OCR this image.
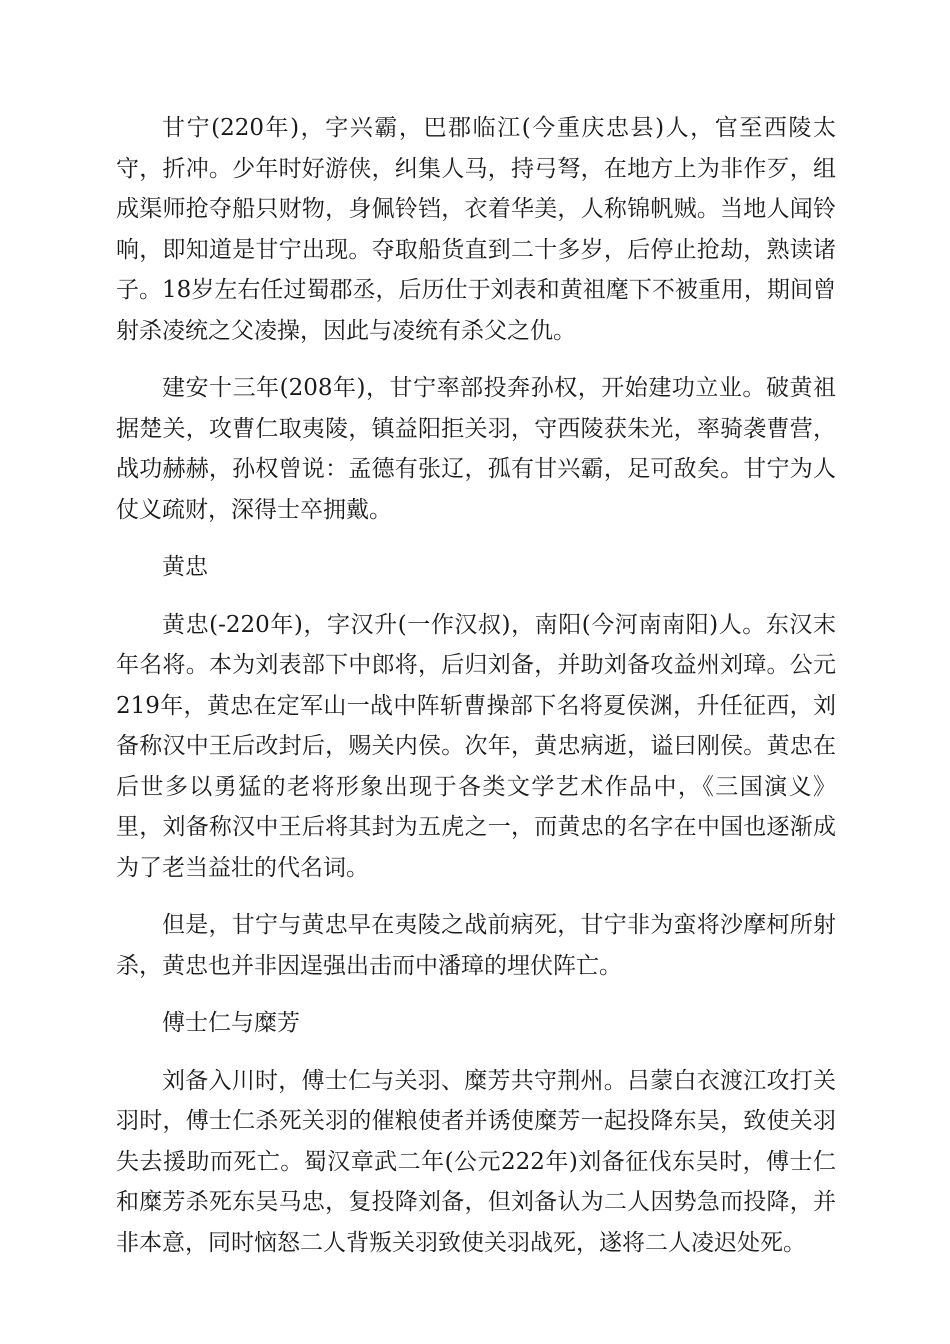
甘宁(220年)，字兴霸，巴郡临江(今重庆忠县)人，官至西陵太守，折冲。少年时好游侠，纠集人马，持弓弩，在地方上为非作歹，组成渠师抢夺船只财物，身佩铃铛，衣着华美，人称锦帆贼。当地人闻铃响，即知道是甘宁出现。夺取船货直到二十多岁，后停止抢劫，熟读诸子。18岁左右任过蜀郡丞，后历仕于刘表和黄祖麾下不被重用，期间曾射杀凌统之父凌操，因此与凌统有杀父之仇。

建安十三年(208年)，甘宁率部投奔孙权，开始建功立业。破黄祖据楚关，攻曹仁取夷陵，镇益阳拒关羽，守西陵获朱光，率骑袭曹营，战功赫赫，孙权曾说：孟德有张辽，孤有甘兴霸，足可敌矣。甘宁为人仗义疏财，深得士卒拥戴。

黄忠

黄忠(-220年)，字汉升(一作汉叔)，南阳(今河南南阳)人。东汉末年名将。本为刘表部下中郎将，后归刘备，并助刘备攻益州刘璋。公元219年，黄忠在定军山一战中阵斩曹操部下名将夏侯渊，升任征西，刘备称汉中王后改封后，赐关内侯。次年，黄忠病逝，谥曰刚侯。黄忠在后世多以勇猛的老将形象出现于各类文学艺术作品中，《三国演义》里，刘备称汉中王后将其封为五虎之一，而黄忠的名字在中国也逐渐成为了老当益壮的代名词。

但是，甘宁与黄忠早在夷陵之战前病死，甘宁非为蛮将沙摩柯所射杀，黄忠也并非因逞强出击而中潘璋的埋伏阵亡。

傅士仁与糜芳

刘备入川时，傅士仁与关羽、糜芳共守荆州。吕蒙白衣渡江攻打关羽时，傅士仁杀死关羽的催粮使者并诱使糜芳一起投降东吴，致使关羽失去援助而死亡。蜀汉章武二年(公元222年)刘备征伐东吴时，傅士仁和糜芳杀死东吴马忠，复投降刘备，但刘备认为二人因势急而投降，并非本意，同时恼怒二人背叛关羽致使关羽战死，遂将二人凌迟处死。
